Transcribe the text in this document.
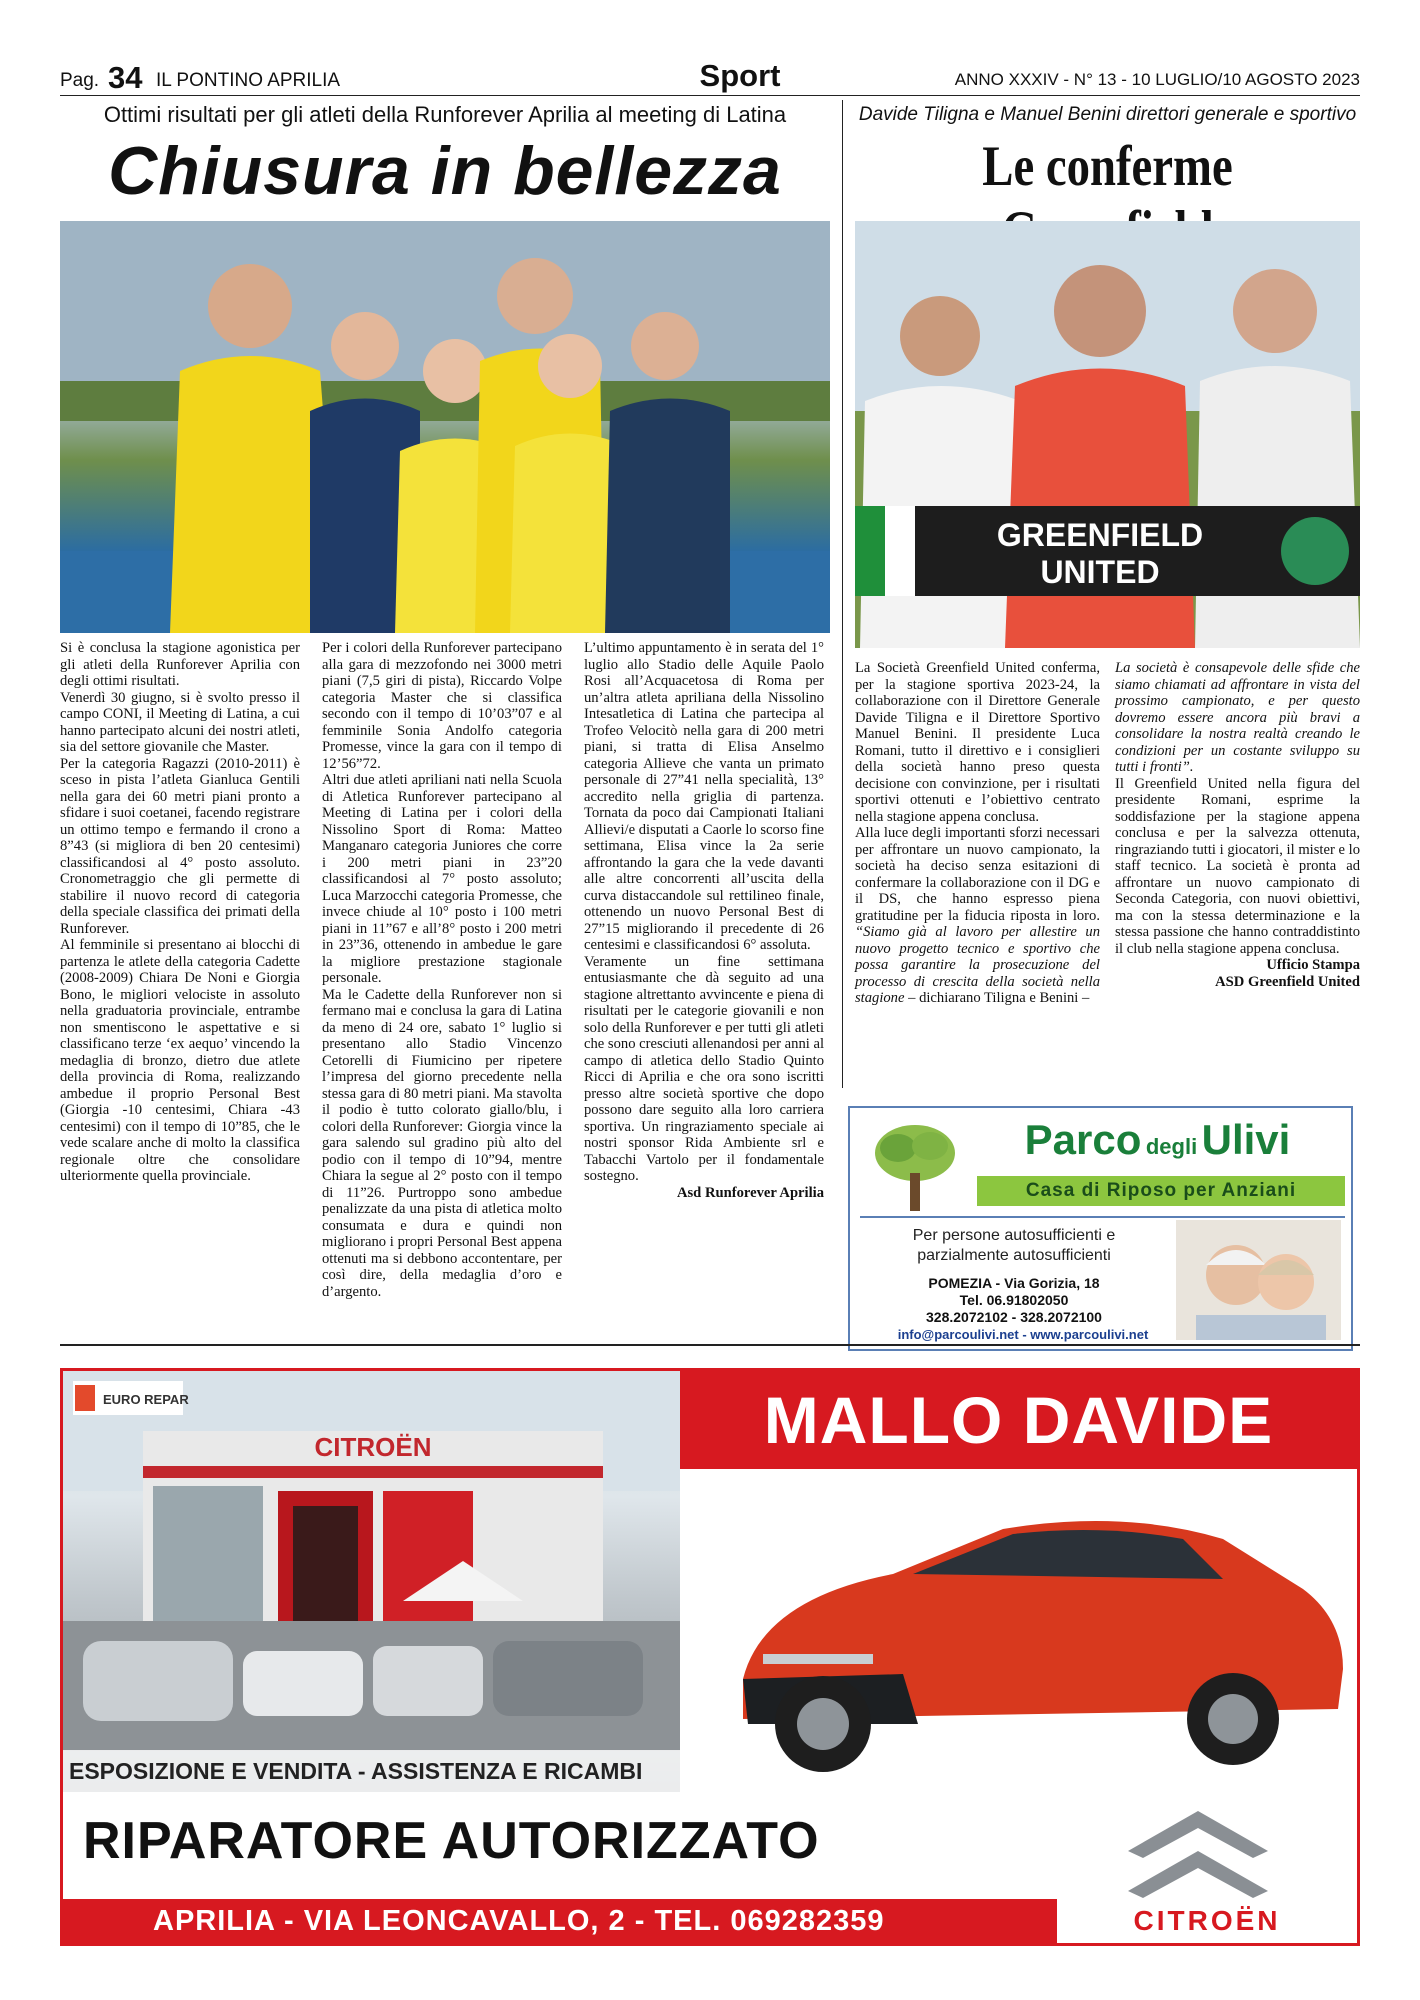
Pag. 34 IL PONTINO APRILIA	Sport	ANNO XXXIV - N° 13 - 10 LUGLIO/10 AGOSTO 2023
Ottimi risultati per gli atleti della Runforever Aprilia al meeting di Latina
Chiusura in bellezza

Si è conclusa la stagione agonistica per gli atleti della Runforever Aprilia con degli ottimi risultati.

Venerdì 30 giugno, si è svolto presso il campo CONI, il Meeting di Latina, a cui hanno partecipato alcuni dei nostri atleti, sia del settore giovanile che Master.

Per la categoria Ragazzi (2010-2011) è sceso in pista l’atleta Gianluca Gentili nella gara dei 60 metri piani pronto a sfidare i suoi coetanei, facendo registrare un ottimo tempo e fermando il crono a 8”43 (si migliora di ben 20 centesimi) classificandosi al 4° posto assoluto. Cronometraggio che gli permette di stabilire il nuovo record di categoria della speciale classifica dei primati della Runforever.

Al femminile si presentano ai blocchi di partenza le atlete della categoria Cadette (2008-2009) Chiara De Noni e Giorgia Bono, le migliori velociste in assoluto nella graduatoria provinciale, entrambe non smentiscono le aspettative e si classificano terze ‘ex aequo’ vincendo la medaglia di bronzo, dietro due atlete della provincia di Roma, realizzando ambedue il proprio Personal Best (Giorgia -10 centesimi, Chiara -43 centesimi) con il tempo di 10”85, che le vede scalare anche di molto la classifica regionale oltre che consolidare ulteriormente quella provinciale.

Per i colori della Runforever partecipano alla gara di mezzofondo nei 3000 metri piani (7,5 giri di pista), Riccardo Volpe categoria Master che si classifica secondo con il tempo di 10’03”07 e al femminile Sonia Andolfo categoria Promesse, vince la gara con il tempo di 12’56”72.

Altri due atleti apriliani nati nella Scuola di Atletica Runforever partecipano al Meeting di Latina per i colori della Nissolino Sport di Roma: Matteo Manganaro categoria Juniores che corre i 200 metri piani in 23”20 classificandosi al 7° posto assoluto; Luca Marzocchi categoria Promesse, che invece chiude al 10° posto i 100 metri piani in 11”67 e all’8° posto i 200 metri in 23”36, ottenendo in ambedue le gare la migliore prestazione stagionale personale.

Ma le Cadette della Runforever non si fermano mai e conclusa la gara di Latina da meno di 24 ore, sabato 1° luglio si presentano allo Stadio Vincenzo Cetorelli di Fiumicino per ripetere l’impresa del giorno precedente nella stessa gara di 80 metri piani. Ma stavolta il podio è tutto colorato giallo/blu, i colori della Runforever: Giorgia vince la gara salendo sul gradino più alto del podio con il tempo di 10”94, mentre Chiara la segue al 2° posto con il tempo di 11”26. Purtroppo sono ambedue penalizzate da una pista di atletica molto consumata e dura e quindi non migliorano i propri Personal Best appena ottenuti ma si debbono accontentare, per così dire, della medaglia d’oro e d’argento.

L’ultimo appuntamento è in serata del 1° luglio allo Stadio delle Aquile Paolo Rosi all’Acquacetosa di Roma per un’altra atleta apriliana della Nissolino Intesatletica di Latina che partecipa al Trofeo Velocitò nella gara di 200 metri piani, si tratta di Elisa Anselmo categoria Allieve che vanta un primato personale di 27”41 nella specialità, 13° accredito nella griglia di partenza. Tornata da poco dai Campionati Italiani Allievi/e disputati a Caorle lo scorso fine settimana, Elisa vince la 2a serie affrontando la gara che la vede davanti alle altre concorrenti all’uscita della curva distaccandole sul rettilineo finale, ottenendo un nuovo Personal Best di 27”15 migliorando il precedente di 26 centesimi e classificandosi 6° assoluta.

Veramente un fine settimana entusiasmante che dà seguito ad una stagione altrettanto avvincente e piena di risultati per le categorie giovanili e non solo della Runforever e per tutti gli atleti che sono cresciuti allenandosi per anni al campo di atletica dello Stadio Quinto Ricci di Aprilia e che ora sono iscritti presso altre società sportive che dopo possono dare seguito alla loro carriera sportiva. Un ringraziamento speciale ai nostri sponsor Rida Ambiente srl e Tabacchi Vartolo per il fondamentale sostegno.

Asd Runforever Aprilia

Davide Tiligna e Manuel Benini direttori generale e sportivo
Le conferme
GREENFIELD
UNITED

La Società Greenfield United conferma, per la stagione sportiva 2023-24, la collaborazione con il Direttore Generale Davide Tiligna e il Direttore Sportivo Manuel Benini. Il presidente Luca Romani, tutto il direttivo e i consiglieri della società hanno preso questa decisione con convinzione, per i risultati sportivi ottenuti e l’obiettivo centrato nella stagione appena conclusa.

Alla luce degli importanti sforzi necessari per affrontare un nuovo campionato, la società ha deciso senza esitazioni di confermare la collaborazione con il DG e il DS, che hanno espresso piena gratitudine per la fiducia riposta in loro. “Siamo già al lavoro per allestire un nuovo progetto tecnico e sportivo che possa garantire la prosecuzione del processo di crescita della società nella stagione – dichiarano Tiligna e Benini –

La società è consapevole delle sfide che siamo chiamati ad affrontare in vista del prossimo campionato, e per questo dovremo essere ancora più bravi a consolidare la nostra realtà creando le condizioni per un costante sviluppo su tutti i fronti”.

Il Greenfield United nella figura del presidente Romani, esprime la soddisfazione per la stagione appena conclusa e per la salvezza ottenuta, ringraziando tutti i giocatori, il mister e lo staff tecnico. La società è pronta ad affrontare un nuovo campionato di Seconda Categoria, con nuovi obiettivi, ma con la stessa determinazione e la stessa passione che hanno contraddistinto il club nella stagione appena conclusa.

Ufficio Stampa

ASD Greenfield United

Parco degli Ulivi
Casa di Riposo per Anziani
Per persone autosufficienti e
parzialmente autosufficienti
POMEZIA - Via Gorizia, 18
Tel. 06.91802050
328.2072102 - 328.2072100
info@parcoulivi.net - www.parcoulivi.net
EURO REPAR
CITROËN
ESPOSIZIONE E VENDITA - ASSISTENZA E RICAMBI
MALLO DAVIDE
RIPARATORE AUTORIZZATO
APRILIA - VIA LEONCAVALLO, 2 - TEL. 069282359	CITROËN
